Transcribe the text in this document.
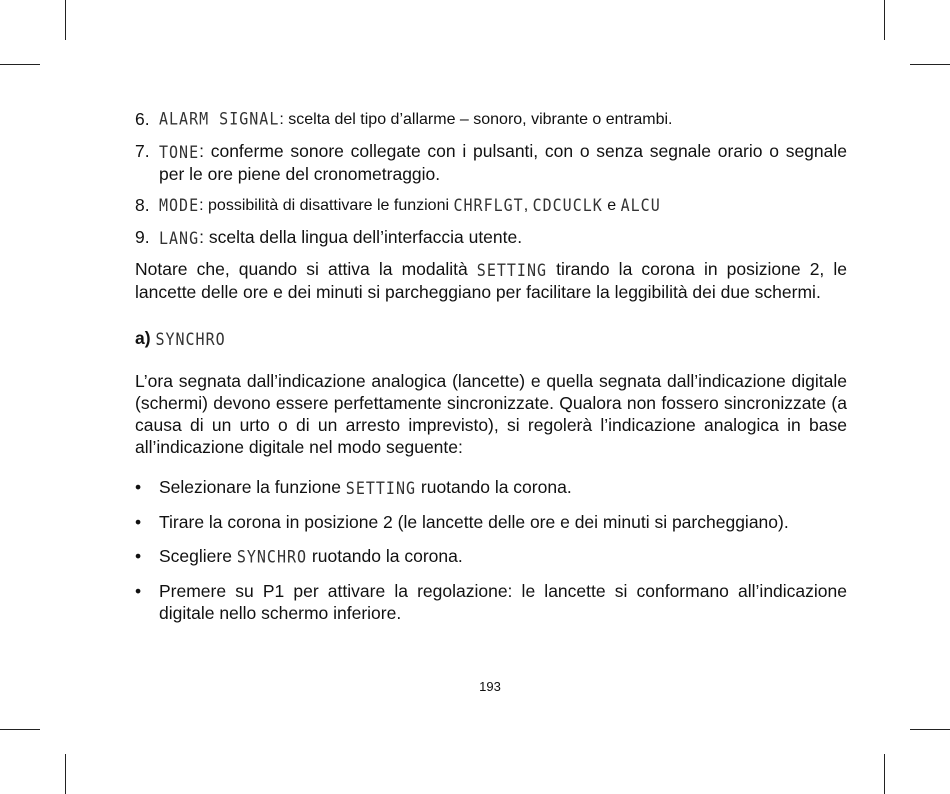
6. ALARM SIGNAL: scelta del tipo d’allarme – sonoro, vibrante o entrambi.
7. TONE: conferme sonore collegate con i pulsanti, con o senza segnale orario o segnale per le ore piene del cronometraggio.
8. MODE: possibilità di disattivare le funzioni CHRFLGT, CDCUCLK e ALCU
9. LANG: scelta della lingua dell’interfaccia utente.

Notare che, quando si attiva la modalità SETTING tirando la corona in posizione 2, le lancette delle ore e dei minuti si parcheggiano per facilitare la leggibilità dei due schermi.

a) SYNCHRO

L’ora segnata dall’indicazione analogica (lancette) e quella segnata dall’indicazione digitale (schermi) devono essere perfettamente sincronizzate. Qualora non fossero sincronizzate (a causa di un urto o di un arresto imprevisto), si regolerà l’indicazione analogica in base all’indicazione digitale nel modo seguente:

•	Selezionare la funzione SETTING ruotando la corona.
•	Tirare la corona in posizione 2 (le lancette delle ore e dei minuti si parcheggiano).
•	Scegliere SYNCHRO ruotando la corona.
•	Premere su P1 per attivare la regolazione: le lancette si conformano all’indicazione digitale nello schermo inferiore.
193
